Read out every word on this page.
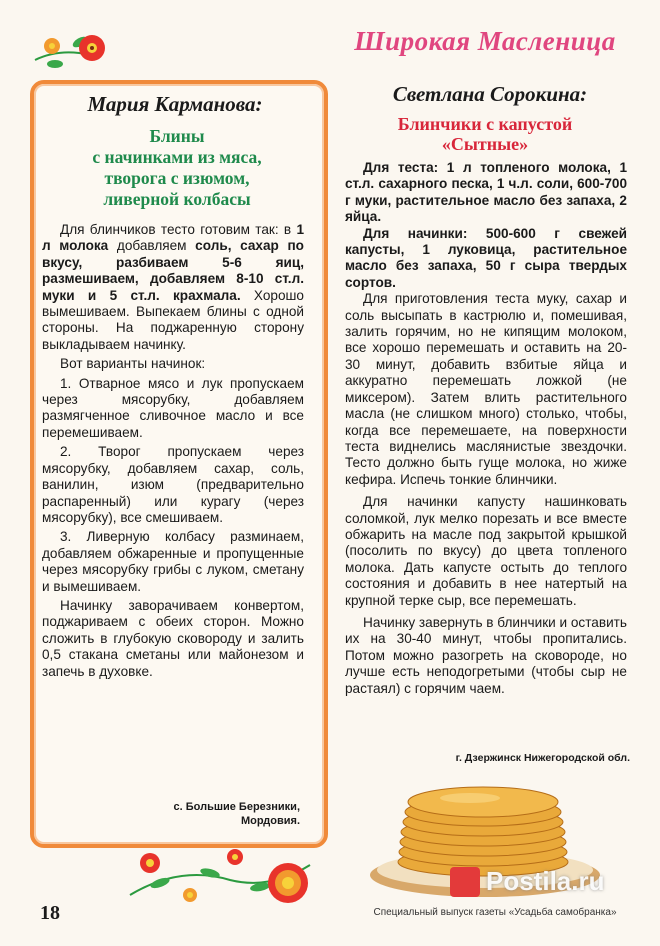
Широкая Масленица
Мария Карманова:
Блины
с начинками из мяса,
творога с изюмом,
ливерной колбасы

Для блинчиков тесто готовим так: в 1 л молока добавляем соль, сахар по вкусу, разбиваем 5-6 яиц, размешиваем, добавляем 8-10 ст.л. муки и 5 ст.л. крахмала. Хорошо вымешиваем. Выпекаем блины с одной стороны. На поджаренную сторону выкладываем начинку.

Вот варианты начинок:

1. Отварное мясо и лук пропускаем через мясорубку, добавляем размягченное сливочное масло и все перемешиваем.

2. Творог пропускаем через мясорубку, добавляем сахар, соль, ванилин, изюм (предварительно распаренный) или курагу (через мясорубку), все смешиваем.

3. Ливерную колбасу разминаем, добавляем обжаренные и пропущенные через мясорубку грибы с луком, сметану и вымешиваем.

Начинку заворачиваем конвертом, поджариваем с обеих сторон. Можно сложить в глубокую сковороду и залить 0,5 стакана сметаны или майонезом и запечь в духовке.

с. Большие Березники,
Мордовия.
Светлана Сорокина:
Блинчики с капустой
«Сытные»

Для теста: 1 л топленого молока, 1 ст.л. сахарного песка, 1 ч.л. соли, 600-700 г муки, растительное масло без запаха, 2 яйца.

Для начинки: 500-600 г свежей капусты, 1 луковица, растительное масло без запаха, 50 г сыра твердых сортов.

Для приготовления теста муку, сахар и соль высыпать в кастрюлю и, помешивая, залить горячим, но не кипящим молоком, все хорошо перемешать и оставить на 20-30 минут, добавить взбитые яйца и аккуратно перемешать ложкой (не миксером). Затем влить растительного масла (не слишком много) столько, чтобы, когда все перемешаете, на поверхности теста виднелись маслянистые звездочки. Тесто должно быть гуще молока, но жиже кефира. Испечь тонкие блинчики.

Для начинки капусту нашинковать соломкой, лук мелко порезать и все вместе обжарить на масле под закрытой крышкой (посолить по вкусу) до цвета топленого молока. Дать капусте остыть до теплого состояния и добавить в нее натертый на крупной терке сыр, все перемешать.

Начинку завернуть в блинчики и оставить их на 30-40 минут, чтобы пропитались. Потом можно разогреть на сковороде, но лучше есть неподогретыми (чтобы сыр не растаял) с горячим чаем.

г. Дзержинск Нижегородской обл.
Postila.ru
18	Специальный выпуск газеты «Усадьба самобранка»
